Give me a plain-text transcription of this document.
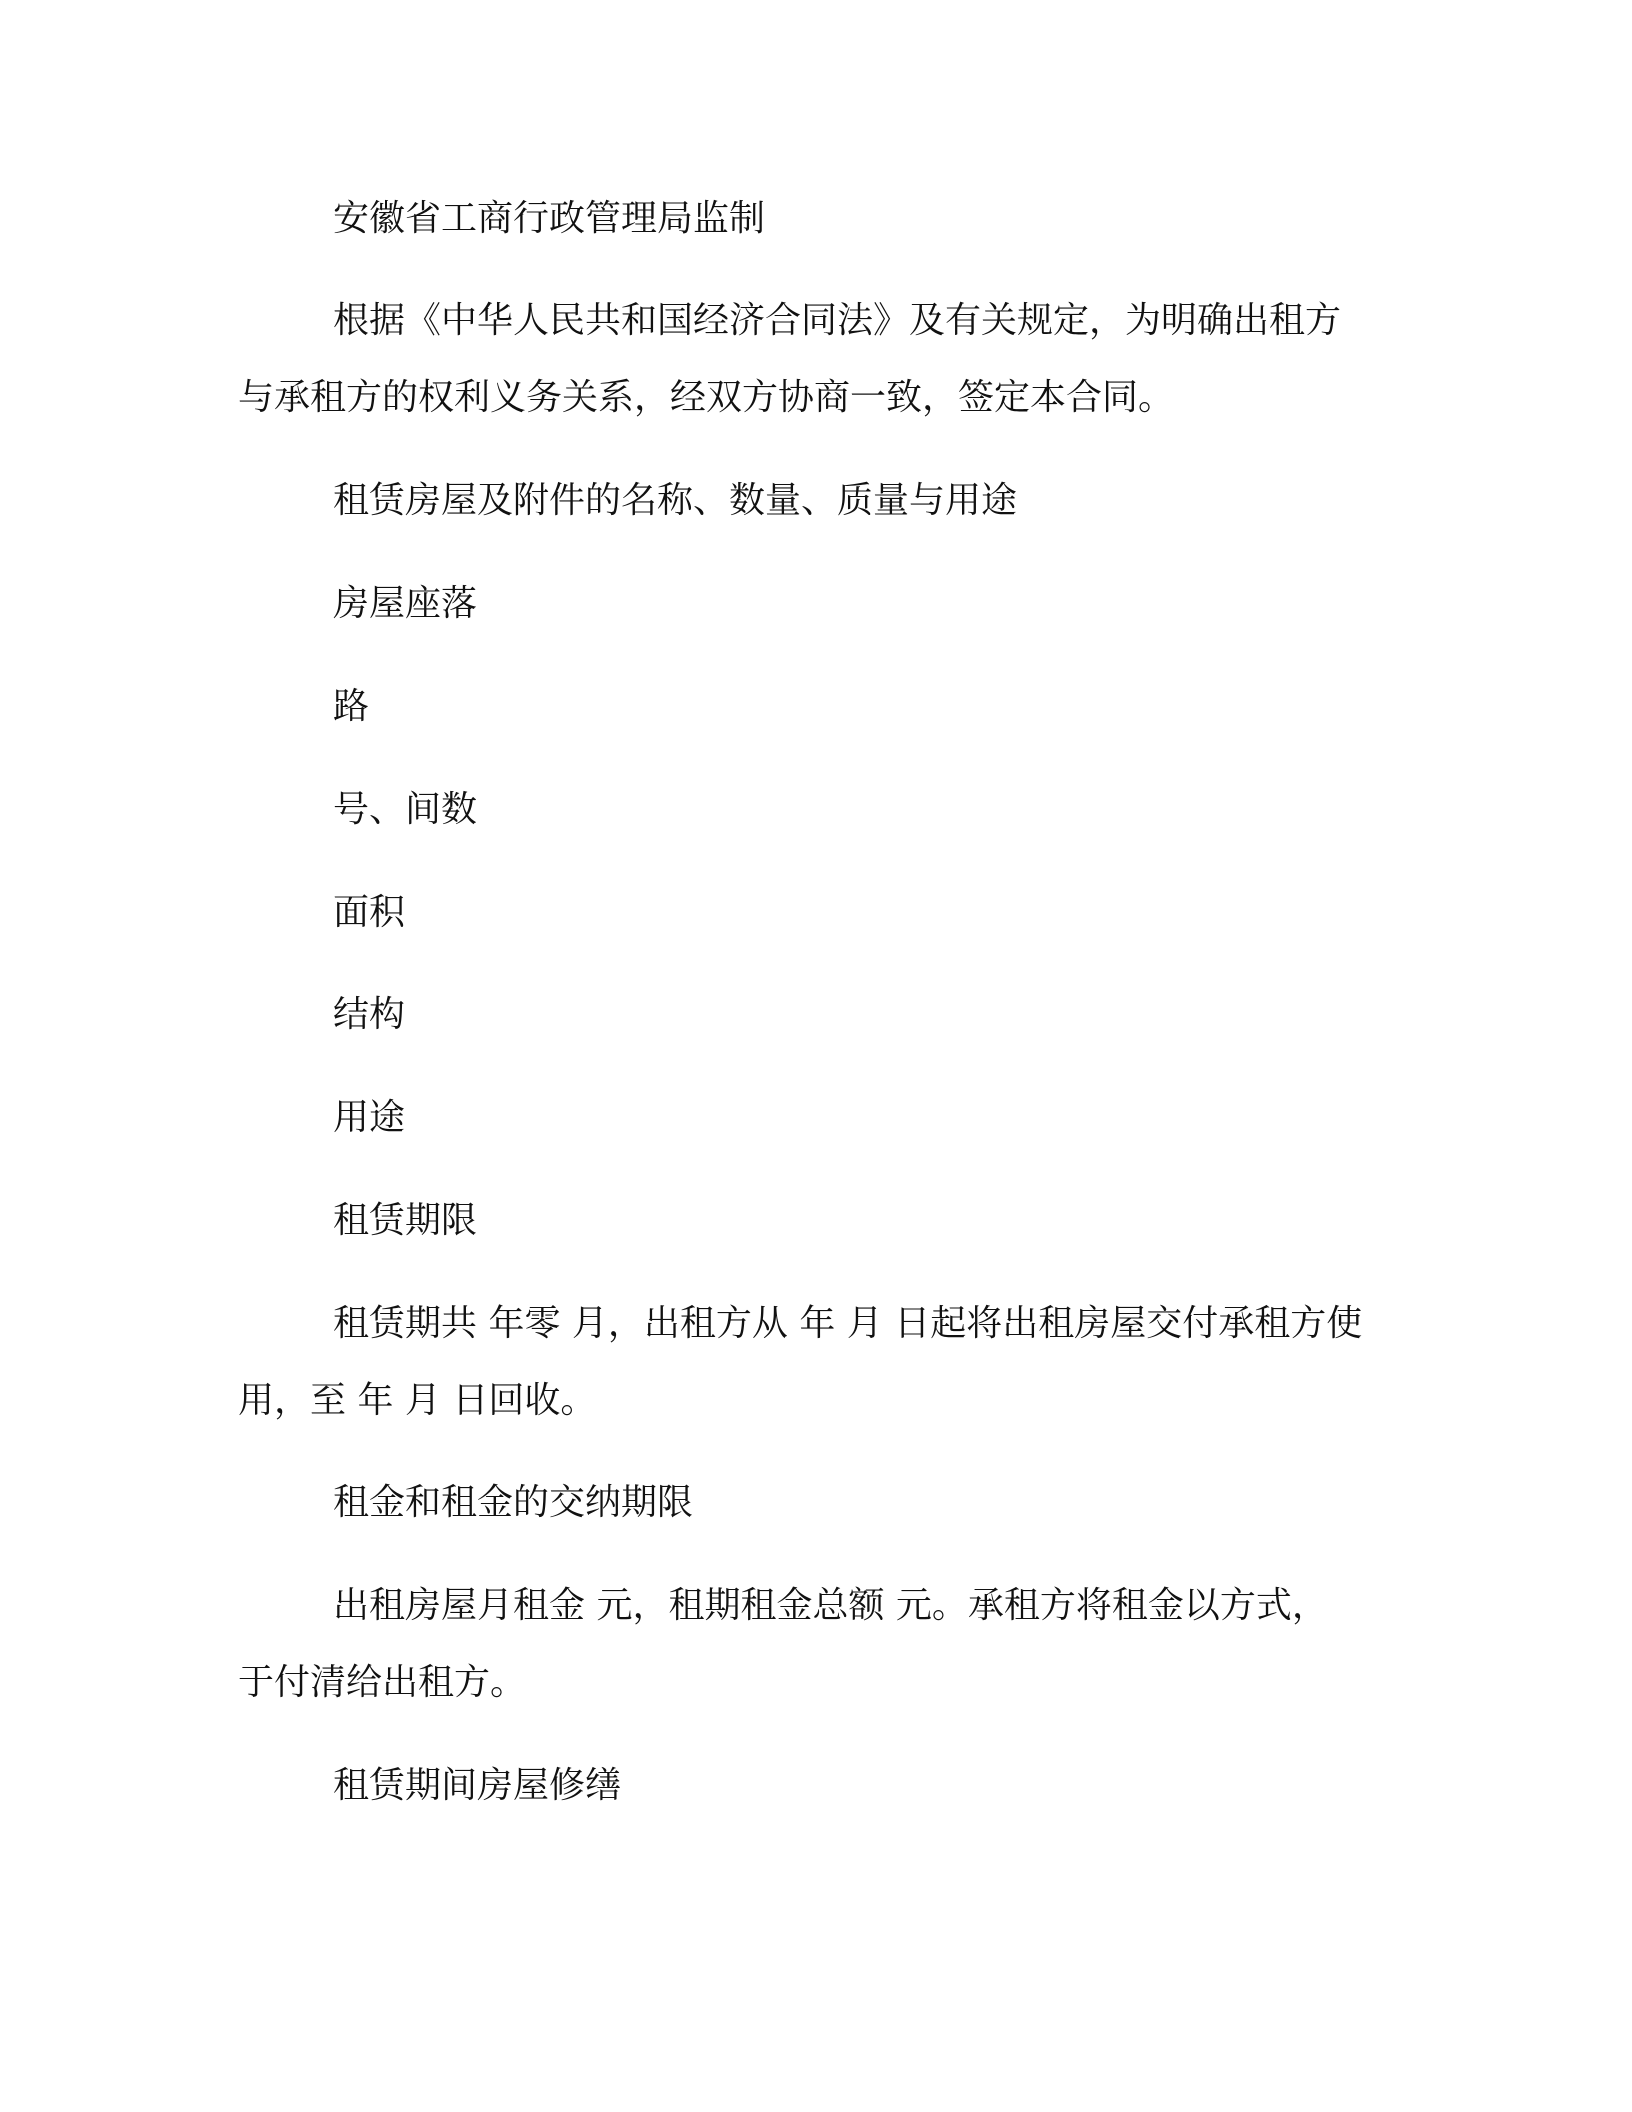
安徽省工商行政管理局监制
根据《中华人民共和国经济合同法》及有关规定，为明确出租方
与承租方的权利义务关系，经双方协商一致，签定本合同。
租赁房屋及附件的名称、数量、质量与用途
房屋座落
路
号、间数
面积
结构
用途
租赁期限
租赁期共 年零 月，出租方从 年 月 日起将出租房屋交付承租方使
用，至 年 月 日回收。
租金和租金的交纳期限
出租房屋月租金 元，租期租金总额 元。承租方将租金以方式，
于付清给出租方。
租赁期间房屋修缮
